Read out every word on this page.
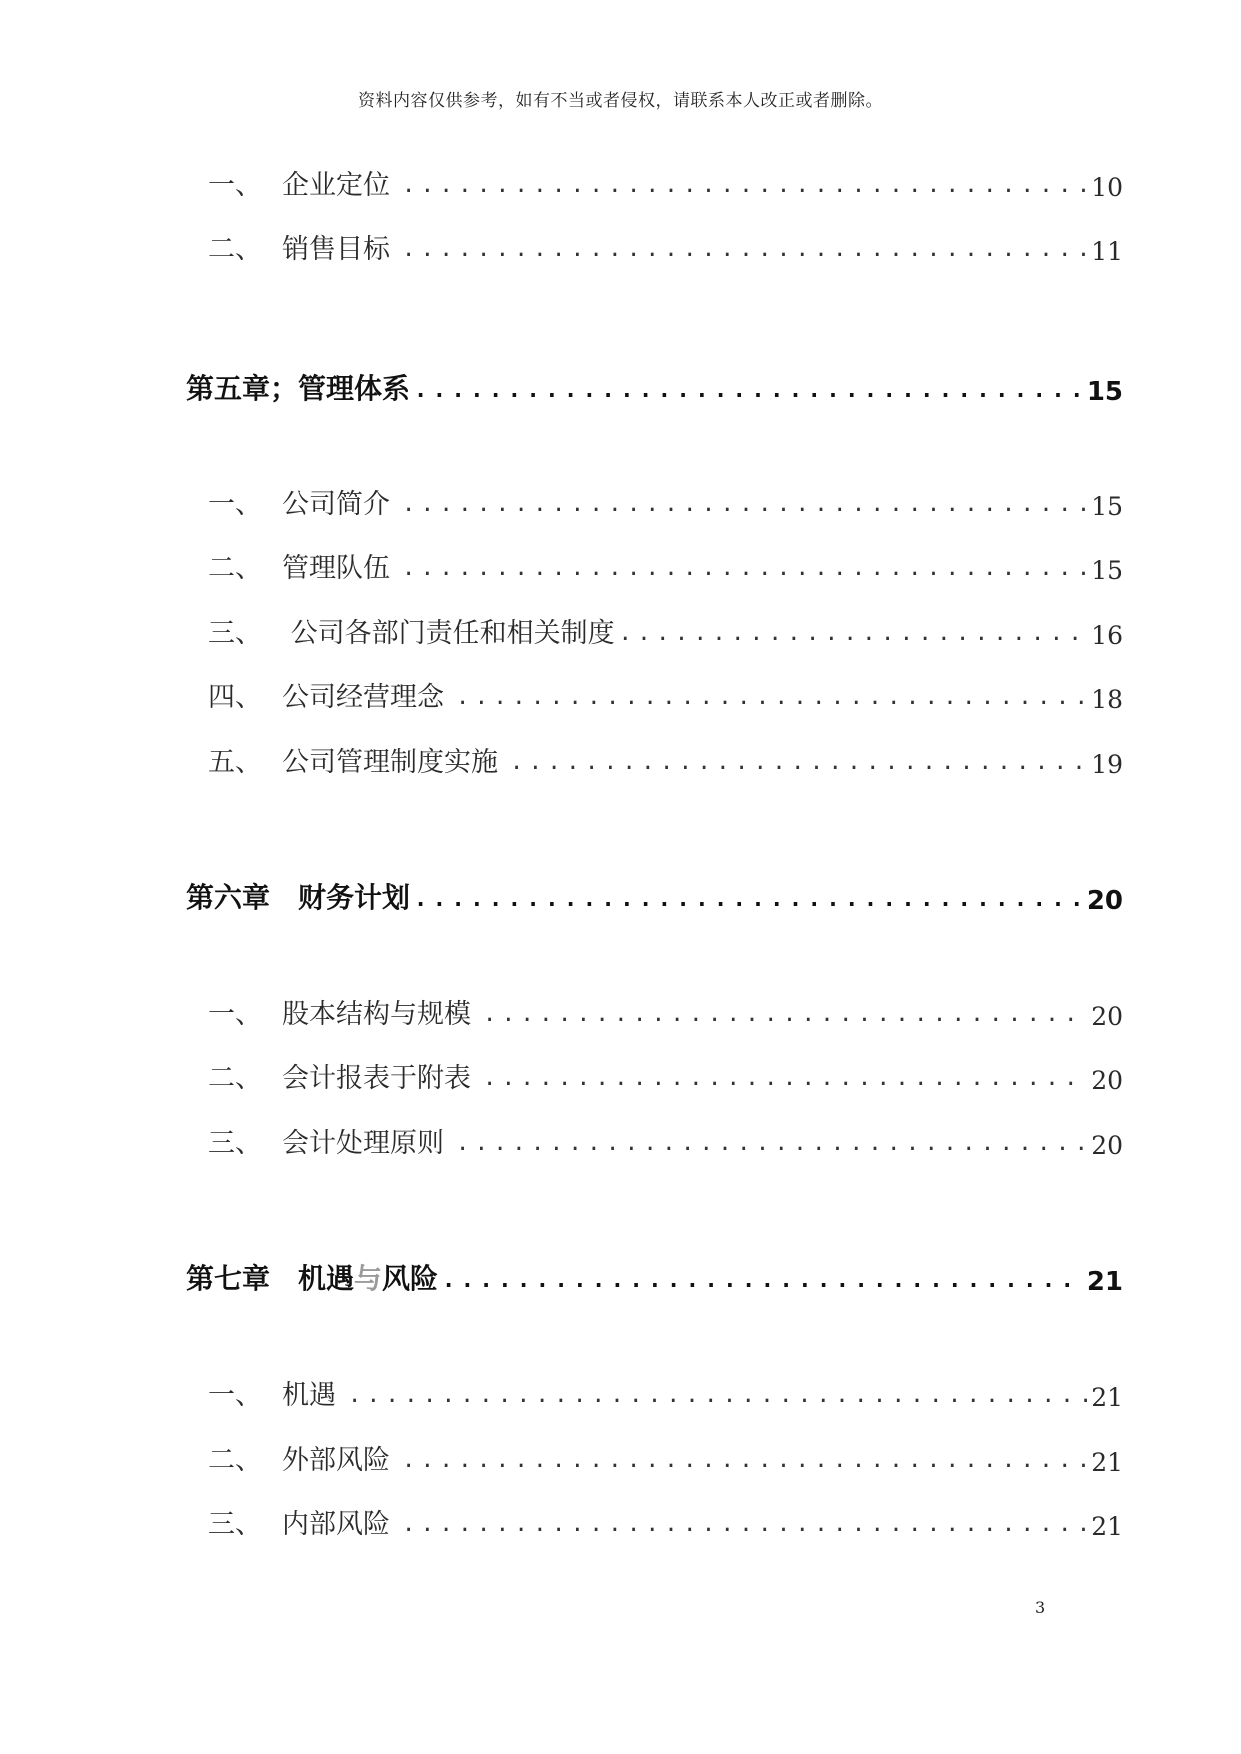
资料内容仅供参考，如有不当或者侵权，请联系本人改正或者删除。
一、 企业定位 .....	10
二、 销售目标 .....	11
第五章；管理体系 .....	15
一、 公司简介 .....	15
二、 管理队伍 .....	15
三、 公司各部门责任和相关制度 .....	16
四、 公司经营理念 .....	18
五、 公司管理制度实施 .....	19
第六章　财务计划 .....	20
一、 股本结构与规模 .....	20
二、 会计报表于附表 .....	20
三、 会计处理原则 .....	20
第七章　机遇与风险 .....	21
一、 机遇 .....	21
二、 外部风险 .....	21
三、 内部风险 .....	21
3
